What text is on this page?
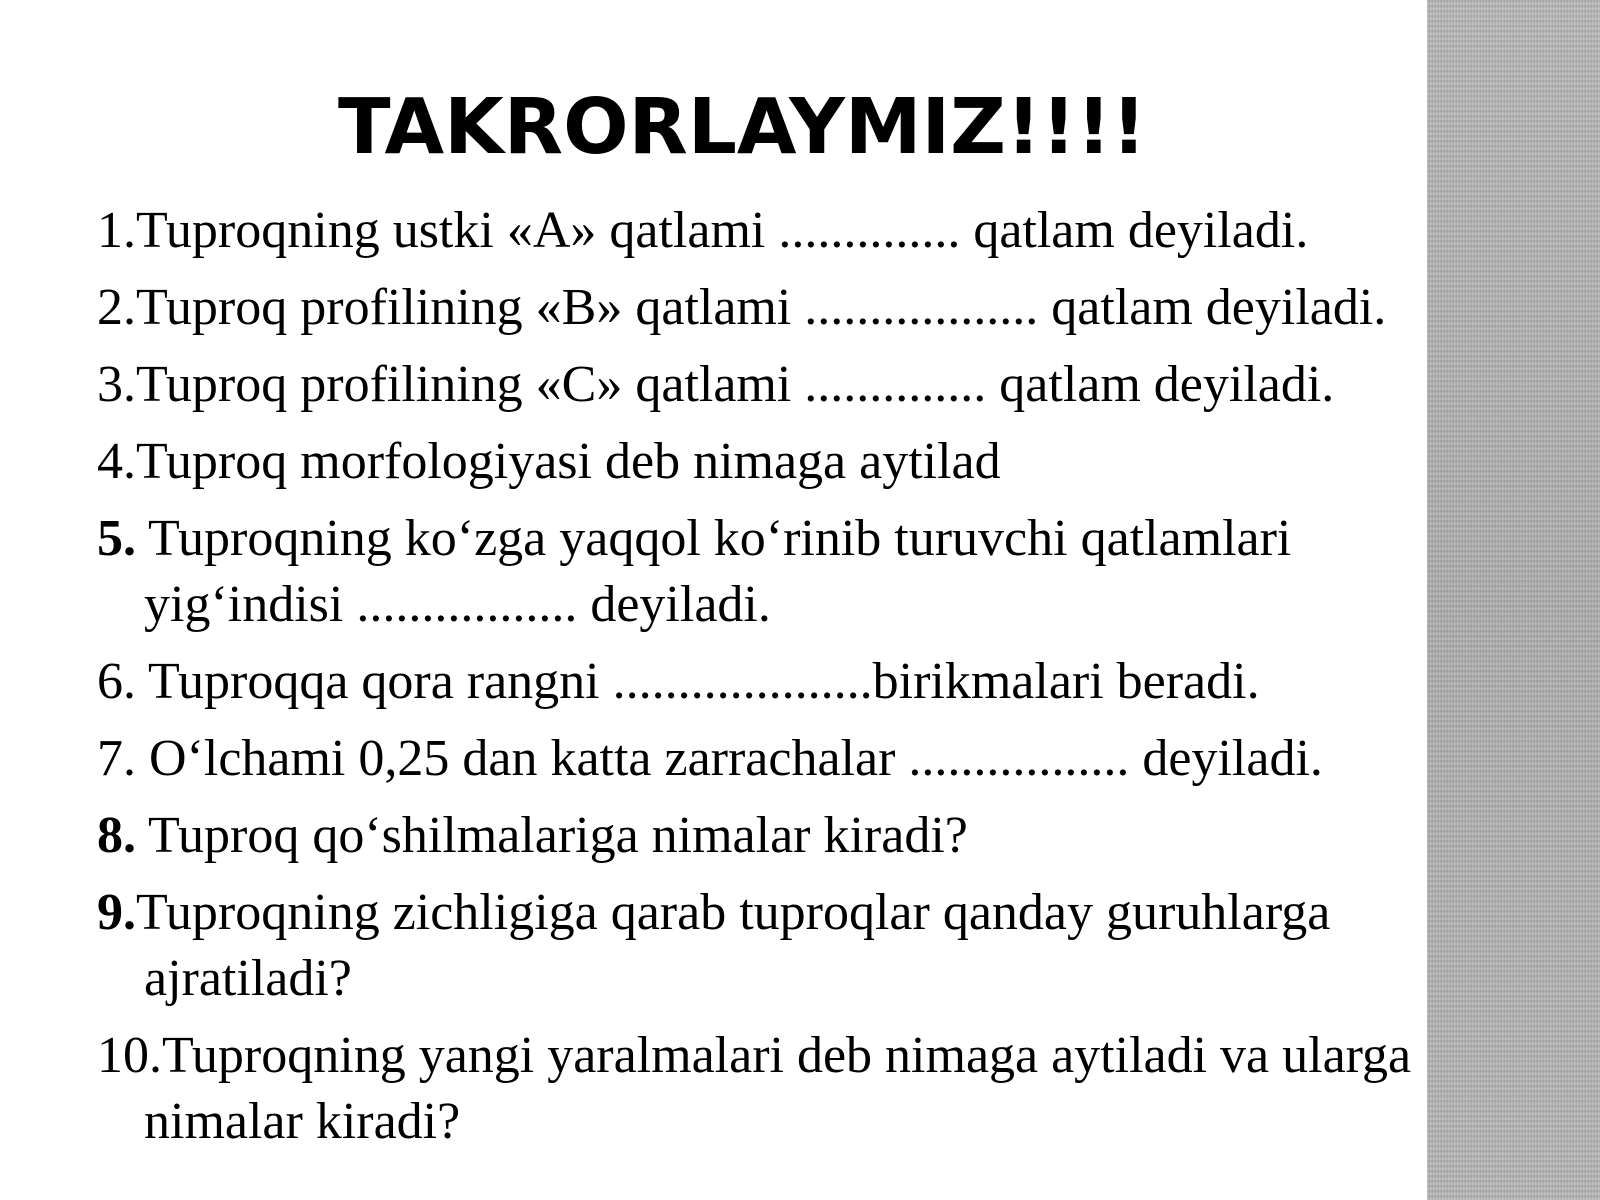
TAKRORLAYMIZ!!!!
1.Tuproqning ustki «A» qatlami .............. qatlam deyiladi.
2.Tuproq profilining «B» qatlami .................. qatlam deyiladi.
3.Tuproq profilining «C» qatlami .............. qatlam deyiladi.
4.Tuproq morfologiyasi deb nimaga aytilad
5. Tuproqning ko‘zga yaqqol ko‘rinib turuvchi qatlamlari yig‘indisi ................. deyiladi.
6. Tuproqqa qora rangni ....................birikmalari beradi.
7. O‘lchami 0,25 dan katta zarrachalar ................. deyiladi.
8. Tuproq qo‘shilmalariga nimalar kiradi?
9.Tuproqning zichligiga qarab tuproqlar qanday guruhlarga ajratiladi?
10.Tuproqning yangi yaralmalari deb nimaga aytiladi va ularga nimalar kiradi?
